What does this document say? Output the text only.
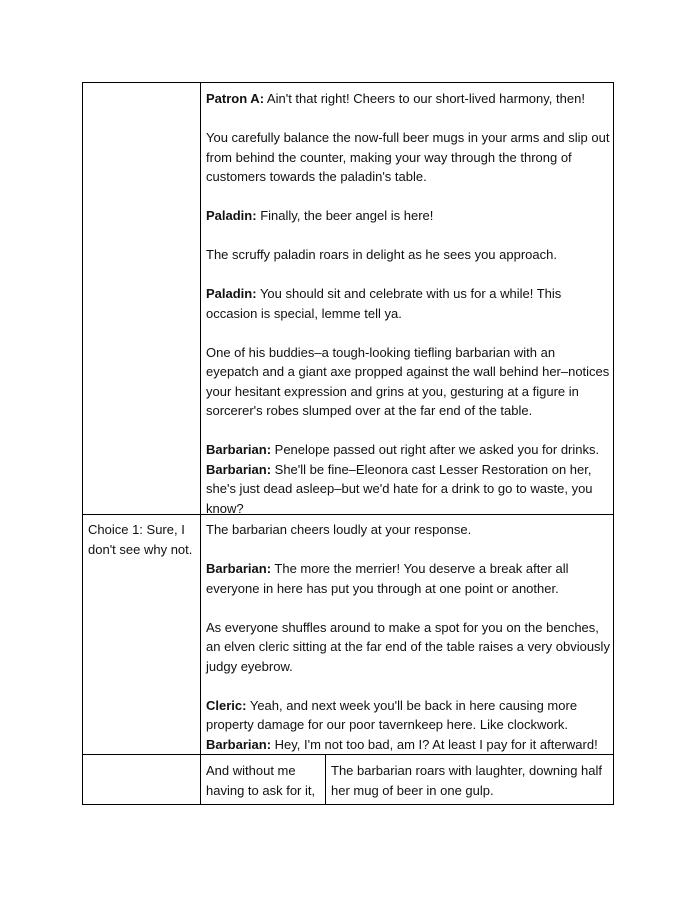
Patron A: Ain't that right! Cheers to our short-lived harmony, then!

You carefully balance the now-full beer mugs in your arms and slip out from behind the counter, making your way through the throng of customers towards the paladin's table.

Paladin: Finally, the beer angel is here!

The scruffy paladin roars in delight as he sees you approach.

Paladin: You should sit and celebrate with us for a while! This occasion is special, lemme tell ya.

One of his buddies–a tough-looking tiefling barbarian with an eyepatch and a giant axe propped against the wall behind her–notices your hesitant expression and grins at you, gesturing at a figure in sorcerer's robes slumped over at the far end of the table.

Barbarian: Penelope passed out right after we asked you for drinks.

Barbarian: She'll be fine–Eleonora cast Lesser Restoration on her, she's just dead asleep–but we'd hate for a drink to go to waste, you know?

Choice 1: Sure, I don't see why not.

The barbarian cheers loudly at your response.

Barbarian: The more the merrier! You deserve a break after all everyone in here has put you through at one point or another.

As everyone shuffles around to make a spot for you on the benches, an elven cleric sitting at the far end of the table raises a very obviously judgy eyebrow.

Cleric: Yeah, and next week you'll be back in here causing more property damage for our poor tavernkeep here. Like clockwork.

Barbarian: Hey, I'm not too bad, am I? At least I pay for it afterward!

And without me having to ask for it,

The barbarian roars with laughter, downing half her mug of beer in one gulp.
